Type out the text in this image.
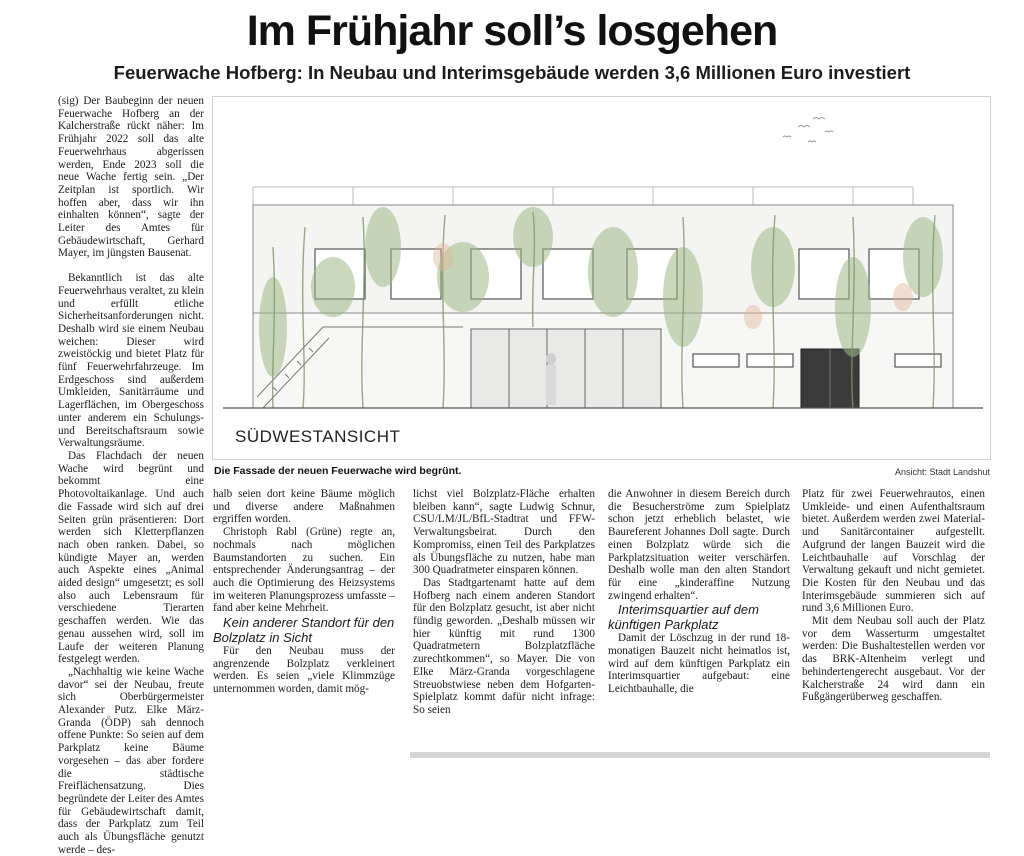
Im Frühjahr soll’s losgehen
Feuerwache Hofberg: In Neubau und Interimsgebäude werden 3,6 Millionen Euro investiert

(sig) Der Baubeginn der neuen Feuerwache Hofberg an der Kalcherstraße rückt näher: Im Frühjahr 2022 soll das alte Feuerwehrhaus abgerissen werden, Ende 2023 soll die neue Wache fertig sein. „Der Zeitplan ist sportlich. Wir hoffen aber, dass wir ihn einhalten können“, sagte der Leiter des Amtes für Gebäudewirtschaft, Gerhard Mayer, im jüngsten Bausenat.

Bekanntlich ist das alte Feuerwehrhaus veraltet, zu klein und erfüllt etliche Sicherheitsanforderungen nicht. Deshalb wird sie einem Neubau weichen: Dieser wird zweistöckig und bietet Platz für fünf Feuerwehrfahrzeuge. Im Erdgeschoss sind außerdem Umkleiden, Sanitärräume und Lagerflächen, im Obergeschoss unter anderem ein Schulungs- und Bereitschaftsraum sowie Verwaltungsräume.

Das Flachdach der neuen Wache wird begrünt und bekommt eine Photovoltaikanlage. Und auch die Fassade wird sich auf drei Seiten grün präsentieren: Dort werden sich Kletterpflanzen nach oben ranken. Dabei, so kündigte Mayer an, werden auch Aspekte eines „Animal aided design“ umgesetzt; es soll also auch Lebensraum für verschiedene Tierarten geschaffen werden. Wie das genau aussehen wird, soll im Laufe der weiteren Planung festgelegt werden.

„Nachhaltig wie keine Wache davor“ sei der Neubau, freute sich Oberbürgermeister Alexander Putz. Elke März-Granda (ÖDP) sah dennoch offene Punkte: So seien auf dem Parkplatz keine Bäume vorgesehen – das aber fordere die städtische Freiflächensatzung. Dies begründete der Leiter des Amtes für Gebäudewirtschaft damit, dass der Parkplatz zum Teil auch als Übungsfläche genutzt werde – des-

SÜDWESTANSICHT

Die Fassade der neuen Feuerwache wird begrünt.	Ansicht: Stadt Landshut

halb seien dort keine Bäume möglich und diverse andere Maßnahmen ergriffen worden.

Christoph Rabl (Grüne) regte an, nochmals nach möglichen Baumstandorten zu suchen. Ein entsprechender Änderungsantrag – der auch die Optimierung des Heizsystems im weiteren Planungsprozess umfasste – fand aber keine Mehrheit.

Kein anderer Standort für den Bolzplatz in Sicht

Für den Neubau muss der angrenzende Bolzplatz verkleinert werden. Es seien „viele Klimmzüge unternommen worden, damit mög-

lichst viel Bolzplatz-Fläche erhalten bleiben kann“, sagte Ludwig Schnur, CSU/LM/JL/BfL-Stadtrat und FFW-Verwaltungsbeirat. Durch den Kompromiss, einen Teil des Parkplatzes als Übungsfläche zu nutzen, habe man 300 Quadratmeter einsparen können.

Das Stadtgartenamt hatte auf dem Hofberg nach einem anderen Standort für den Bolzplatz gesucht, ist aber nicht fündig geworden. „Deshalb müssen wir hier künftig mit rund 1300 Quadratmetern Bolzplatzfläche zurechtkommen“, so Mayer. Die von Elke März-Granda vorgeschlagene Streuobstwiese neben dem Hofgarten-Spielplatz kommt dafür nicht infrage: So seien

die Anwohner in diesem Bereich durch die Besucherströme zum Spielplatz schon jetzt erheblich belastet, wie Baureferent Johannes Doll sagte. Durch einen Bolzplatz würde sich die Parkplatzsituation weiter verschärfen. Deshalb wolle man den alten Standort für eine „kinderaffine Nutzung zwingend erhalten“.

Interimsquartier auf dem künftigen Parkplatz

Damit der Löschzug in der rund 18-monatigen Bauzeit nicht heimatlos ist, wird auf dem künftigen Parkplatz ein Interimsquartier aufgebaut: eine Leichtbauhalle, die

Platz für zwei Feuerwehrautos, einen Umkleide- und einen Aufenthaltsraum bietet. Außerdem werden zwei Material- und Sanitärcontainer aufgestellt. Aufgrund der langen Bauzeit wird die Leichtbauhalle auf Vorschlag der Verwaltung gekauft und nicht gemietet. Die Kosten für den Neubau und das Interimsgebäude summieren sich auf rund 3,6 Millionen Euro.

Mit dem Neubau soll auch der Platz vor dem Wasserturm umgestaltet werden: Die Bushaltestellen werden vor das BRK-Altenheim verlegt und behindertengerecht ausgebaut. Vor der Kalcherstraße 24 wird dann ein Fußgängerüberweg geschaffen.
